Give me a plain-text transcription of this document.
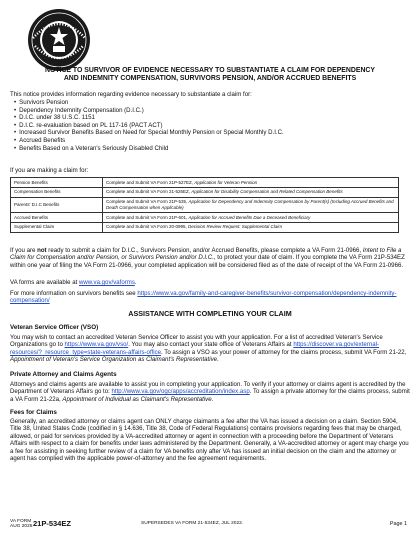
NOTICE TO SURVIVOR OF EVIDENCE NECESSARY TO SUBSTANTIATE A CLAIM FOR DEPENDENCY
AND INDEMNITY COMPENSATION, SURVIVORS PENSION, AND/OR ACCRUED BENEFITS
This notice provides information regarding evidence necessary to substantiate a claim for:
• Survivors Pension
• Dependency Indemnity Compensation (D.I.C.)
• D.I.C. under 38 U.S.C. 1151
• D.I.C. re-evaluation based on PL 117-16 (PACT ACT)
• Increased Survivor Benefits Based on Need for Special Monthly Pension or Special Monthly D.I.C.
• Accrued Benefits
• Benefits Based on a Veteran's Seriously Disabled Child
If you are making a claim for:
Pension Benefits	Complete and Submit VA Form 21P-527EZ, Application for Veteran Pension
Compensation Benefits	Complete and Submit VA Form 21-526EZ, Application for Disability Compensation and Related Compensation Benefits
Parents' D.I.C Benefits	Complete and Submit VA Form 21P-535, Application for Dependency and Indemnity Compensation by Parent(s) (Including Accrued Benefits and Death Compensation when Applicable)
Accrued Benefits	Complete and Submit VA Form 21P-601, Application for Accrued Benefits Due a Deceased Beneficiary
Supplemental Claim	Complete and Submit VA Form 20-0995, Decision Review Request: Supplemental Claim
If you are not ready to submit a claim for D.I.C., Survivors Pension, and/or Accrued Benefits, please complete a VA Form 21-0966, Intent to File a Claim for Compensation and/or Pension, or Survivors Pension and/or D.I.C., to protect your date of claim. If you complete the VA Form 21P-534EZ within one year of filing the VA Form 21-0966, your completed application will be considered filed as of the date of receipt of the VA Form 21-0966.
VA forms are available at www.va.gov/vaforms.
For more information on survivors benefits see https://www.va.gov/family-and-caregiver-benefits/survivor-compensation/dependency-indemnity-compensation/
ASSISTANCE WITH COMPLETING YOUR CLAIM
Veteran Service Officer (VSO)
You may wish to contact an accredited Veteran Service Officer to assist you with your application. For a list of accredited Veteran's Service Organizations go to https://www.va.gov/vso/. You may also contact your state office of Veterans Affairs at https://discover.va.gov/external-resources/?_resource_type=state-veterans-affairs-office. To assign a VSO as your power of attorney for the claims process, submit VA Form 21-22, Appointment of Veteran's Service Organization as Claimant's Representative.
Private Attorney and Claims Agents
Attorneys and claims agents are available to assist you in completing your application. To verify if your attorney or claims agent is accredited by the Department of Veterans Affairs go to: http://www.va.gov/ogc/apps/accreditation/index.asp. To assign a private attorney for the claims process, submit a VA Form 21-22a, Appointment of Individual as Claimant's Representative.
Fees for Claims
Generally, an accredited attorney or claims agent can ONLY charge claimants a fee after the VA has issued a decision on a claim. Section 5904, Title 38, United States Code (codified in § 14.636, Title 38, Code of Federal Regulations) contains provisions regarding fees that may be charged, allowed, or paid for services provided by a VA-accredited attorney or agent in connection with a proceeding before the Department of Veterans Affairs with respect to a claim for benefits under laws administered by the Department. Generally, a VA-accredited attorney or agent may charge you a fee for assisting in seeking further review of a claim for VA benefits only after VA has issued an initial decision on the claim and the attorney or agent has complied with the applicable power-of-attorney and the fee agreement requirements.
VA FORM
AUG 2025 21P-534EZ	SUPERSEDES VA FORM 21-534EZ, JUL 2022.	Page 1
